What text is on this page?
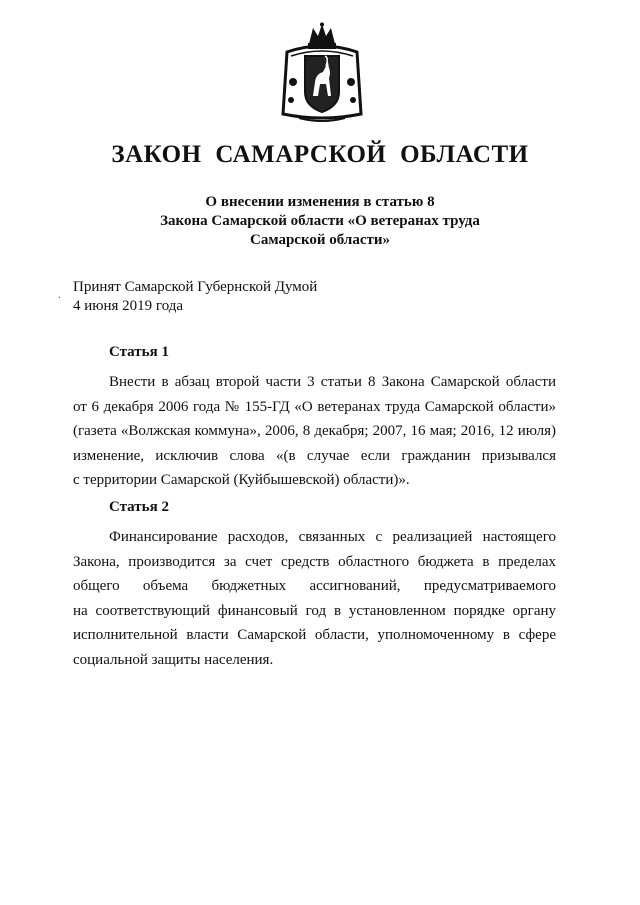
ЗАКОН САМАРСКОЙ ОБЛАСТИ
О внесении изменения в статью 8
Закона Самарской области «О ветеранах труда
Самарской области»
.
Принят Самарской Губернской Думой
4 июня 2019 года
Статья 1
Внести в абзац второй части 3 статьи 8 Закона Самарской области
от 6 декабря 2006 года № 155-ГД «О ветеранах труда Самарской области»
(газета «Волжская коммуна», 2006, 8 декабря; 2007, 16 мая; 2016, 12 июля)
изменение, исключив слова «(в случае если гражданин призывался
с территории Самарской (Куйбышевской) области)».
Статья 2
Финансирование расходов, связанных с реализацией настоящего
Закона, производится за счет средств областного бюджета в пределах
общего объема бюджетных ассигнований, предусматриваемого
на соответствующий финансовый год в установленном порядке органу
исполнительной власти Самарской области, уполномоченному в сфере
социальной защиты населения.
